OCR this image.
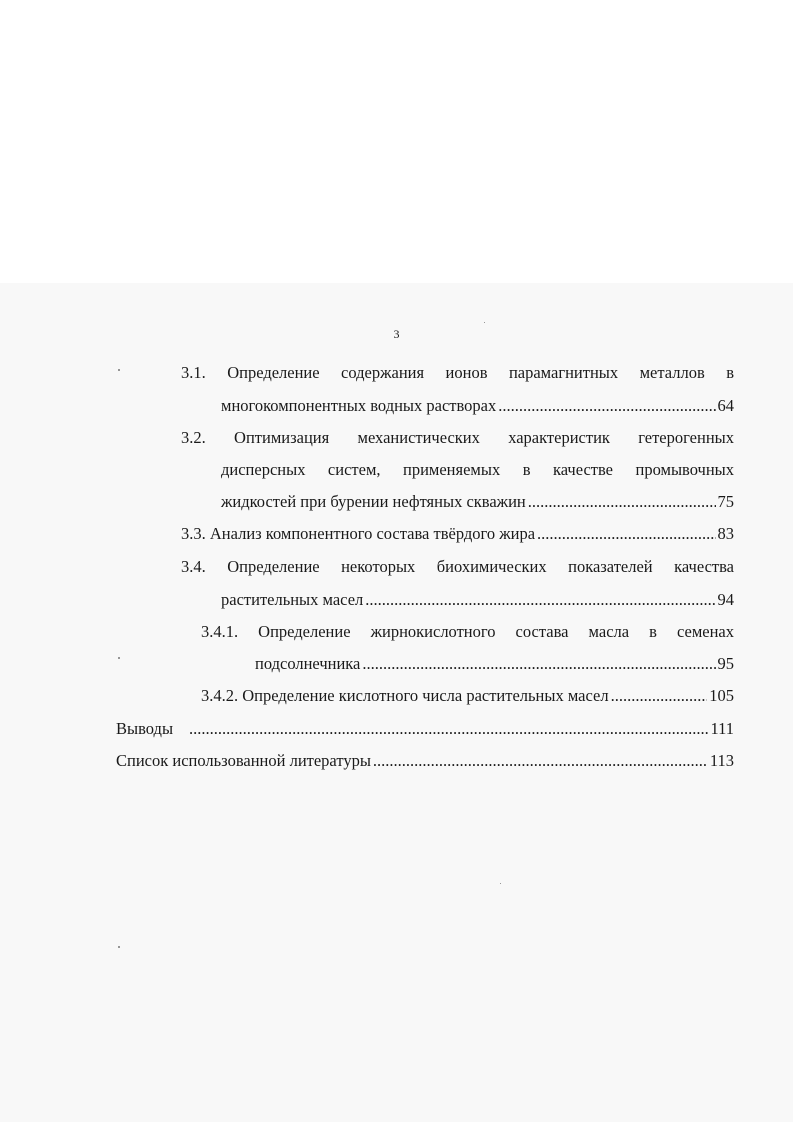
3
3.1. Определение содержания ионов парамагнитных металлов в
многокомпонентных водных растворах .....	64
3.2. Оптимизация механистических характеристик гетерогенных
дисперсных систем, применяемых в качестве промывочных
жидкостей при бурении нефтяных скважин .....	75
3.3. Анализ компонентного состава твёрдого жира .....	83
3.4. Определение некоторых биохимических показателей качества
растительных масел .....	94
3.4.1. Определение жирнокислотного состава масла в семенах
подсолнечника .....	95
3.4.2. Определение кислотного числа растительных масел .....	105
Выводы .....	111
Список использованной литературы .....	113
